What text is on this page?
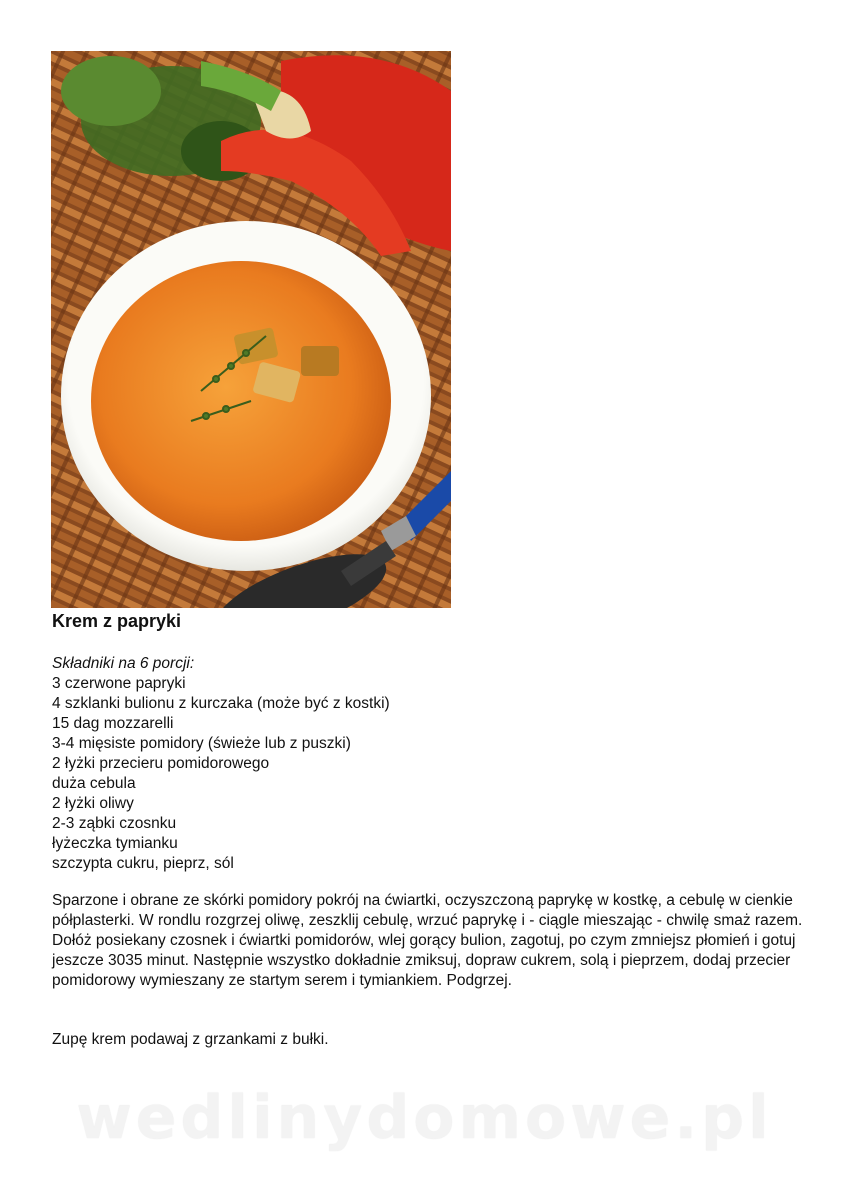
Krem z papryki
Składniki na 6 porcji:
3 czerwone papryki
4 szklanki bulionu z kurczaka (może być z kostki)
15 dag mozzarelli
3-4 mięsiste pomidory (świeże lub z puszki)
2 łyżki przecieru pomidorowego
duża cebula
2 łyżki oliwy
2-3 ząbki czosnku
łyżeczka tymianku
szczypta cukru, pieprz, sól

Sparzone i obrane ze skórki pomidory pokrój na ćwiartki, oczyszczoną paprykę w kostkę, a cebulę w cienkie półplasterki. W rondlu rozgrzej oliwę, zeszklij cebulę, wrzuć paprykę i - ciągle mieszając - chwilę smaż razem. Dołóż posiekany czosnek i ćwiartki pomidorów, wlej gorący bulion, zagotuj, po czym zmniejsz płomień i gotuj jeszcze 3035 minut. Następnie wszystko dokładnie zmiksuj, dopraw cukrem, solą i pieprzem, dodaj przecier pomidorowy wymieszany ze startym serem i tymiankiem. Podgrzej.

Zupę krem podawaj z grzankami z bułki.

wedlinydomowe.pl
